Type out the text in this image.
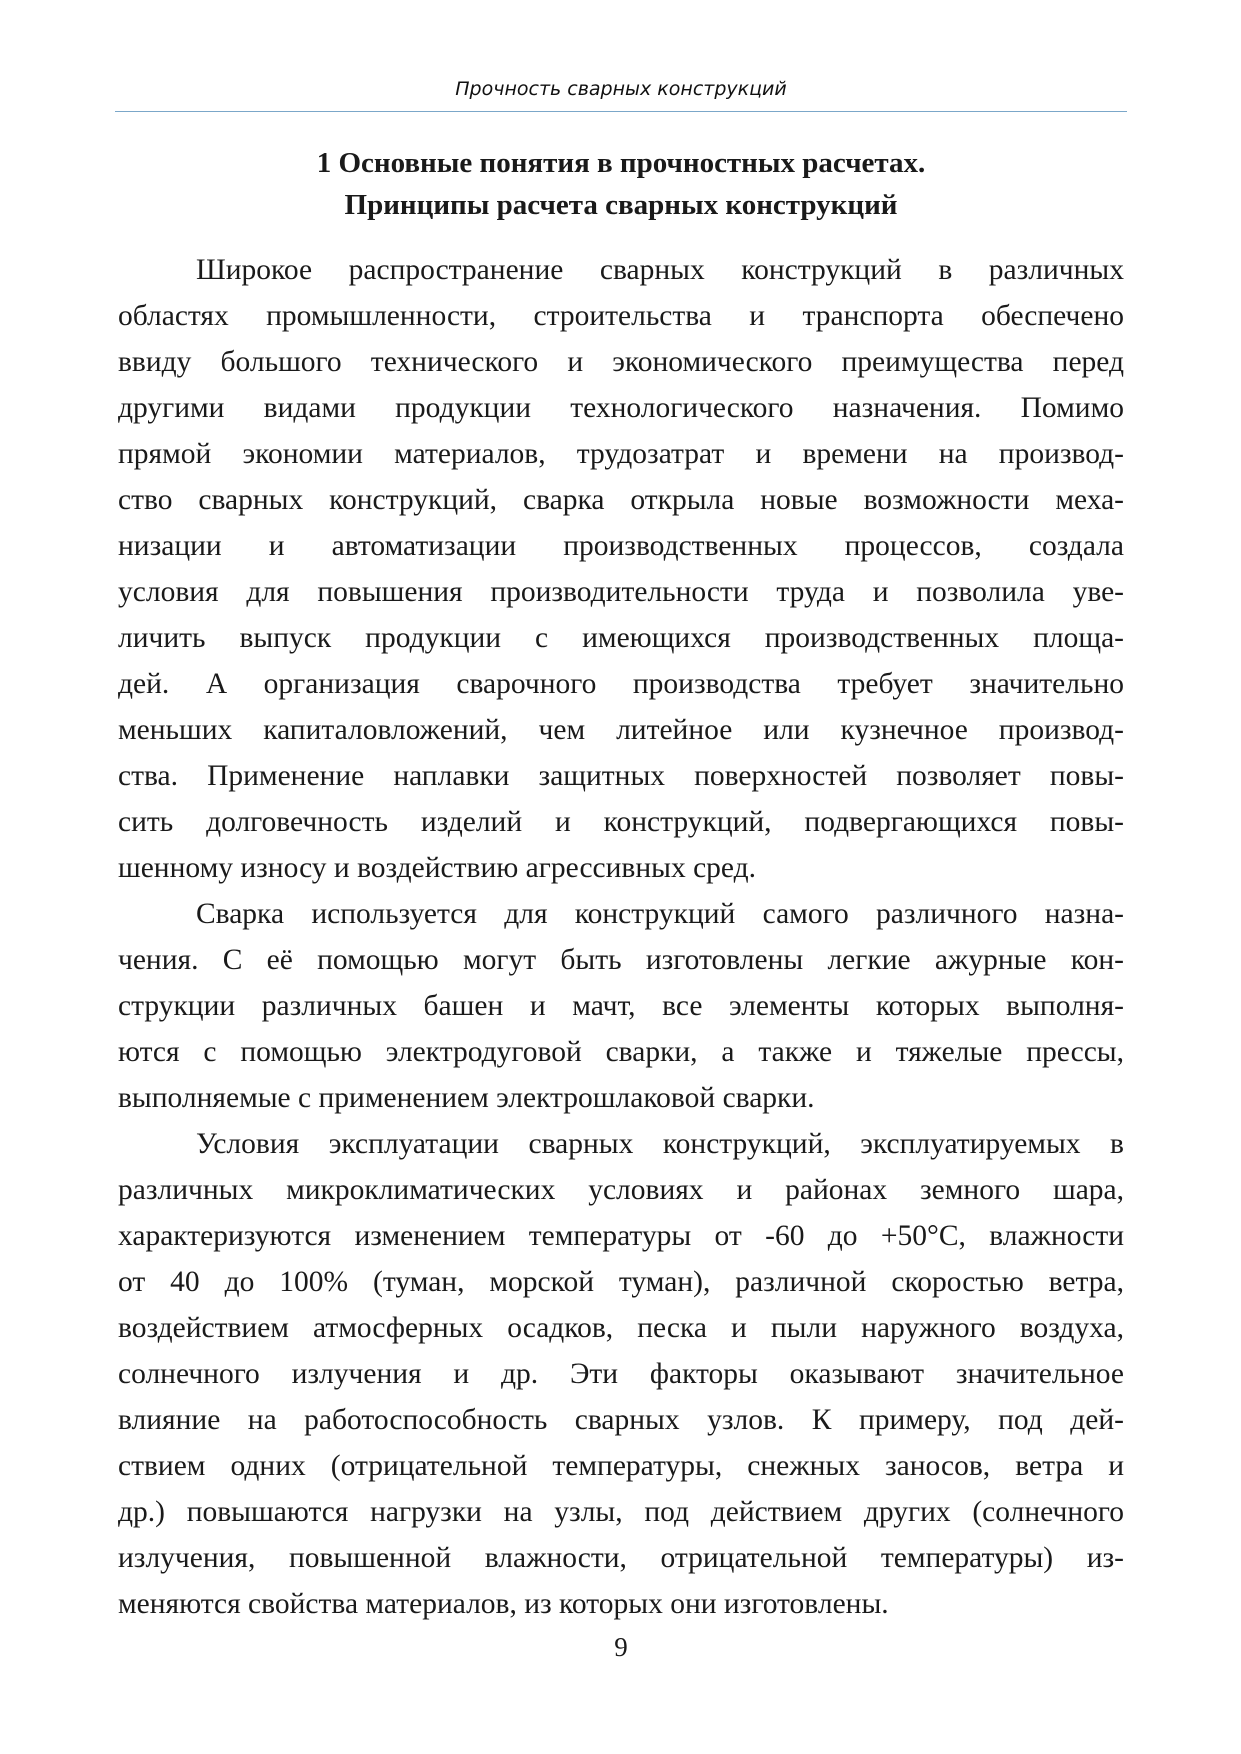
Прочность сварных конструкций
1 Основные понятия в прочностных расчетах.
Принципы расчета сварных конструкций
Широкое распространение сварных конструкций в различных
областях промышленности, строительства и транспорта обеспечено
ввиду большого технического и экономического преимущества перед
другими видами продукции технологического назначения. Помимо
прямой экономии материалов, трудозатрат и времени на производ-
ство сварных конструкций, сварка открыла новые возможности меха-
низации и автоматизации производственных процессов, создала
условия для повышения производительности труда и позволила уве-
личить выпуск продукции с имеющихся производственных площа-
дей. А организация сварочного производства требует значительно
меньших капиталовложений, чем литейное или кузнечное производ-
ства. Применение наплавки защитных поверхностей позволяет повы-
сить долговечность изделий и конструкций, подвергающихся повы-
шенному износу и воздействию агрессивных сред.
Сварка используется для конструкций самого различного назна-
чения. С её помощью могут быть изготовлены легкие ажурные кон-
струкции различных башен и мачт, все элементы которых выполня-
ются с помощью электродуговой сварки, а также и тяжелые прессы,
выполняемые с применением электрошлаковой сварки.
Условия эксплуатации сварных конструкций, эксплуатируемых в
различных микроклиматических условиях и районах земного шара,
характеризуются изменением температуры от -60 до +50°С, влажности
от 40 до 100% (туман, морской туман), различной скоростью ветра,
воздействием атмосферных осадков, песка и пыли наружного воздуха,
солнечного излучения и др. Эти факторы оказывают значительное
влияние на работоспособность сварных узлов. К примеру, под дей-
ствием одних (отрицательной температуры, снежных заносов, ветра и
др.) повышаются нагрузки на узлы, под действием других (солнечного
излучения, повышенной влажности, отрицательной температуры) из-
меняются свойства материалов, из которых они изготовлены.
9
